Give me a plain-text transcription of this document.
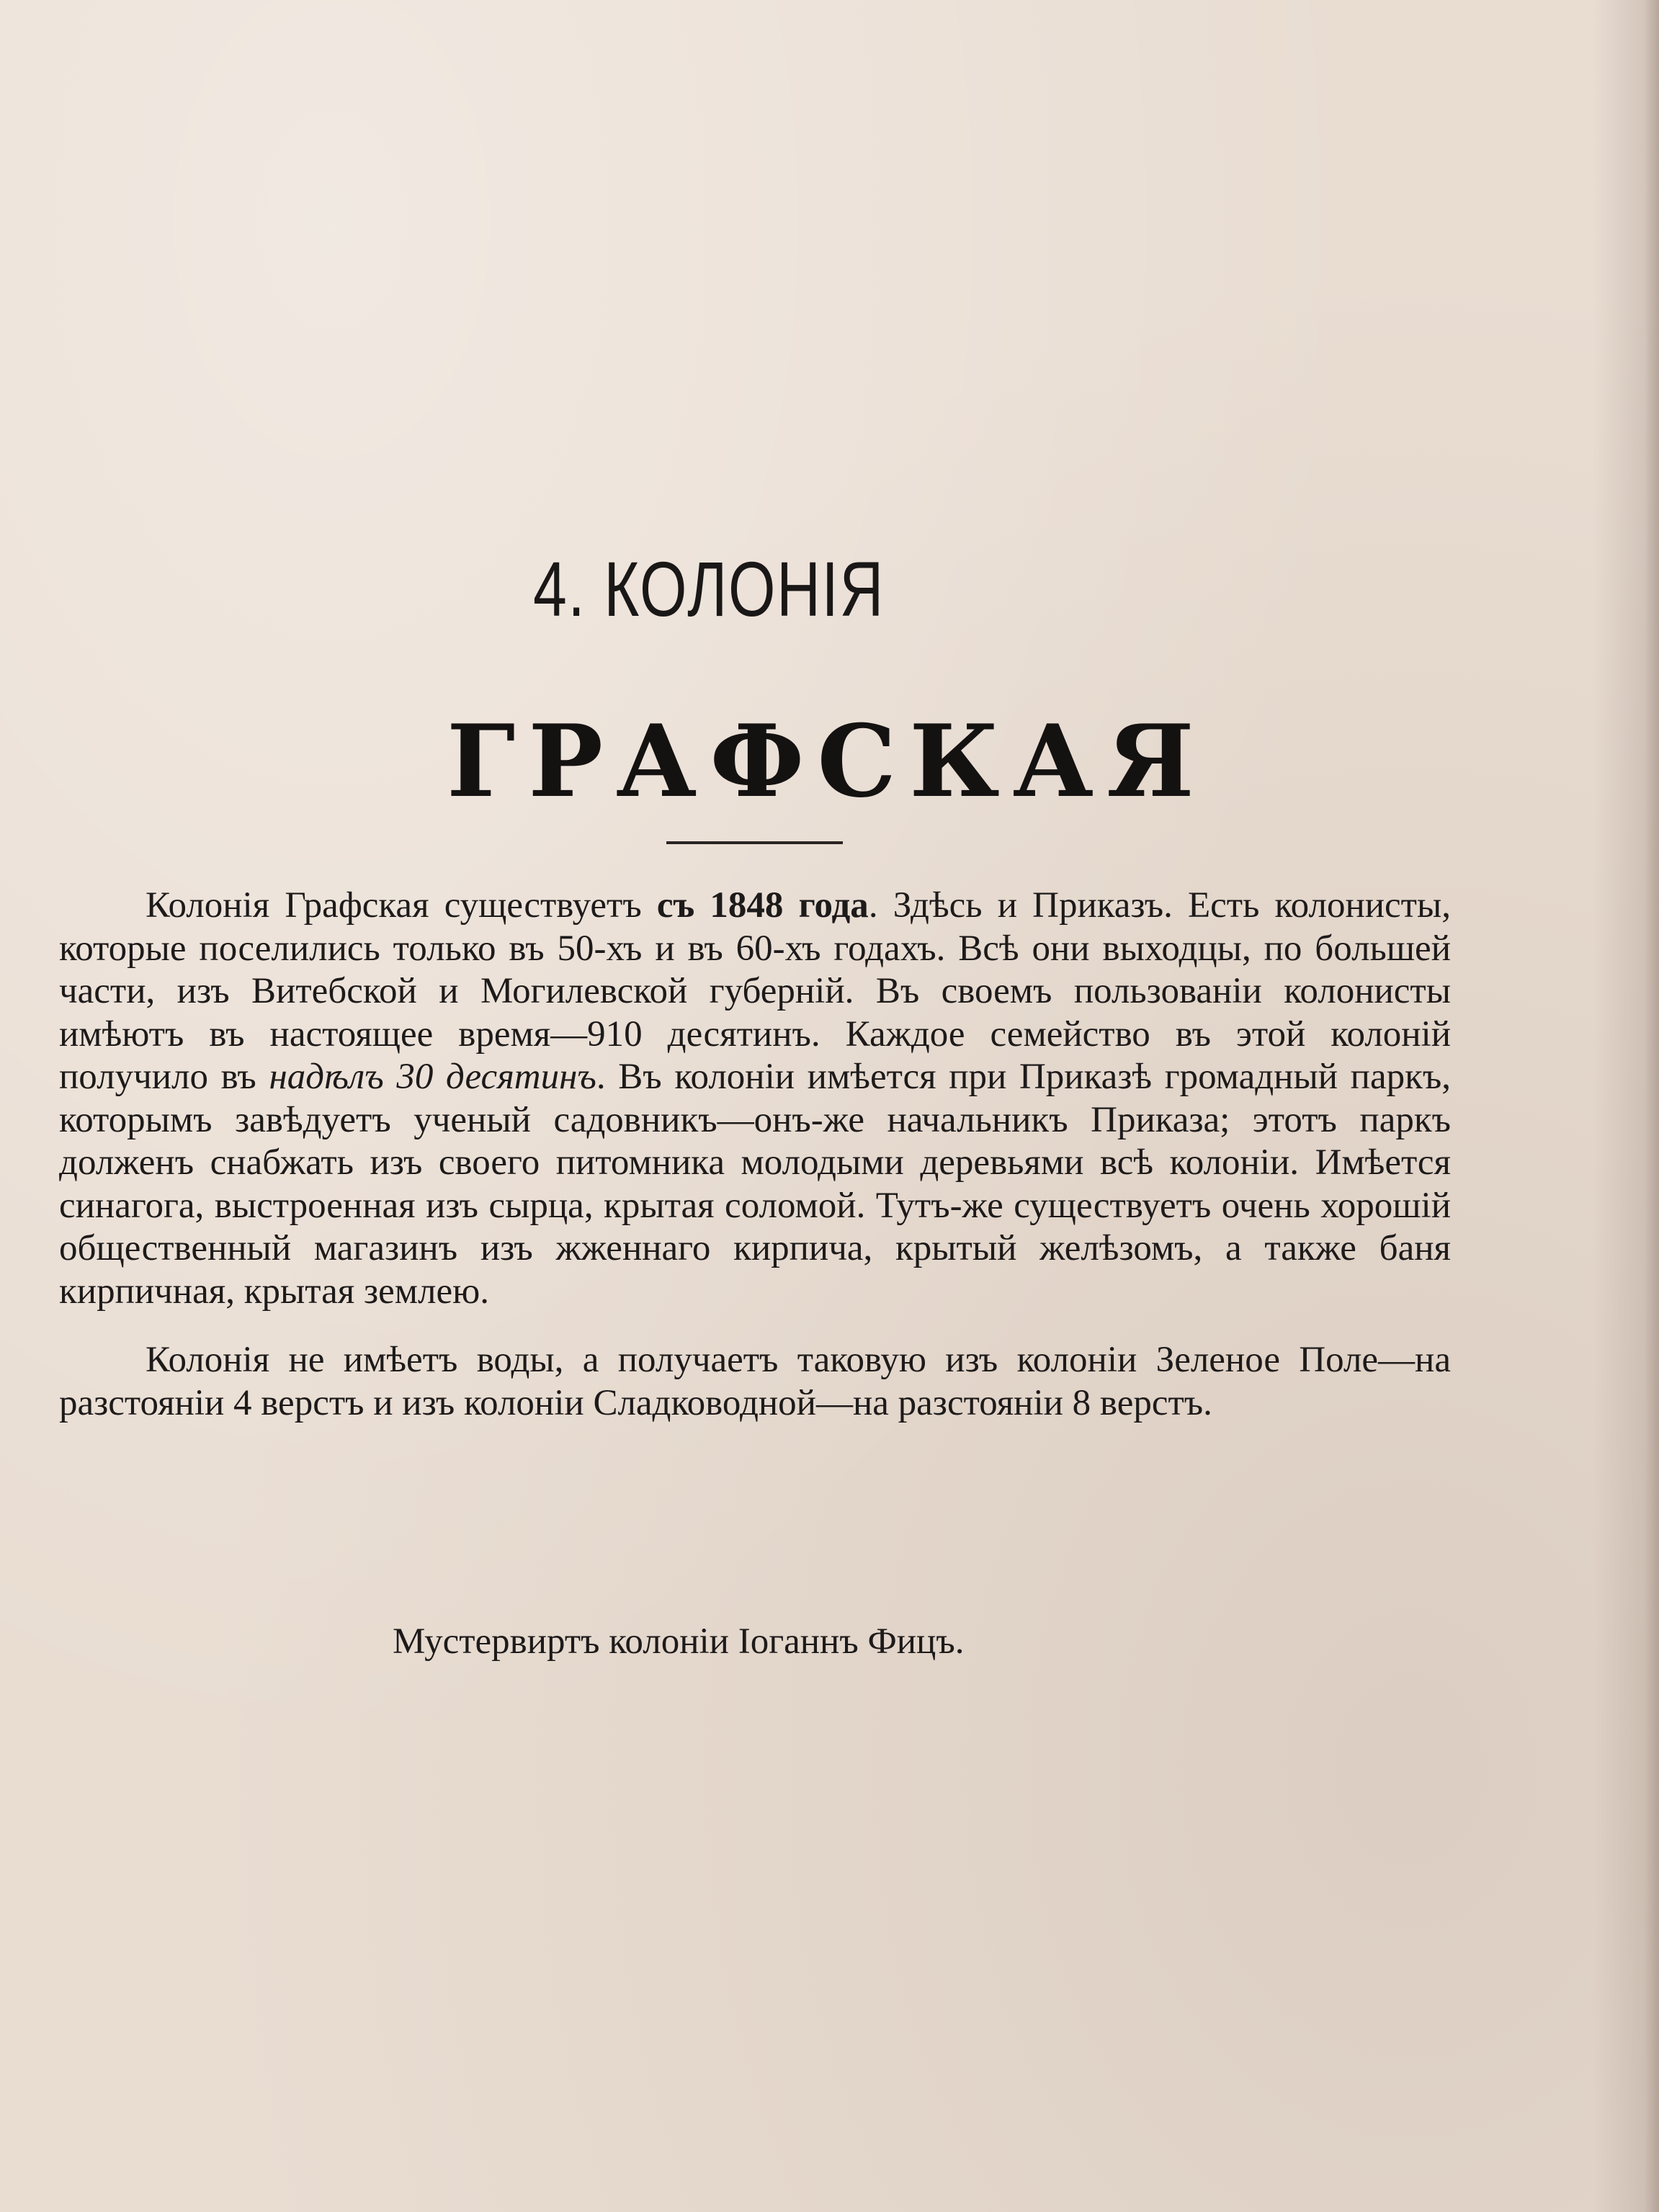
4. КОЛОНІЯ
ГРАФСКАЯ

Колонія Графская существуетъ съ 1848 года. Здѣсь и Приказъ. Есть колонисты, которые поселились только въ 50-хъ и въ 60-хъ годахъ. Всѣ они выходцы, по большей части, изъ Витебской и Могилевской губерній. Въ своемъ пользованіи колонисты имѣютъ въ настоящее время—910 десятинъ. Каждое семейство въ этой колоній получило въ надѣлъ 30 десятинъ. Въ колоніи имѣется при Приказѣ громадный паркъ, которымъ завѣдуетъ ученый садовникъ—онъ-же начальникъ Приказа; этотъ паркъ долженъ снабжать изъ своего питомника молодыми деревьями всѣ колоніи. Имѣется синагога, выстроенная изъ сырца, крытая соломой. Тутъ-же существуетъ очень хорошій общественный магазинъ изъ жженнаго кирпича, крытый желѣзомъ, а также баня кирпичная, крытая землею.

Колонія не имѣетъ воды, а получаетъ таковую изъ колоніи Зеленое Поле—на разстояніи 4 верстъ и изъ колоніи Сладководной—на разстояніи 8 верстъ.

Мустервиртъ колоніи Іоганнъ Фицъ.
